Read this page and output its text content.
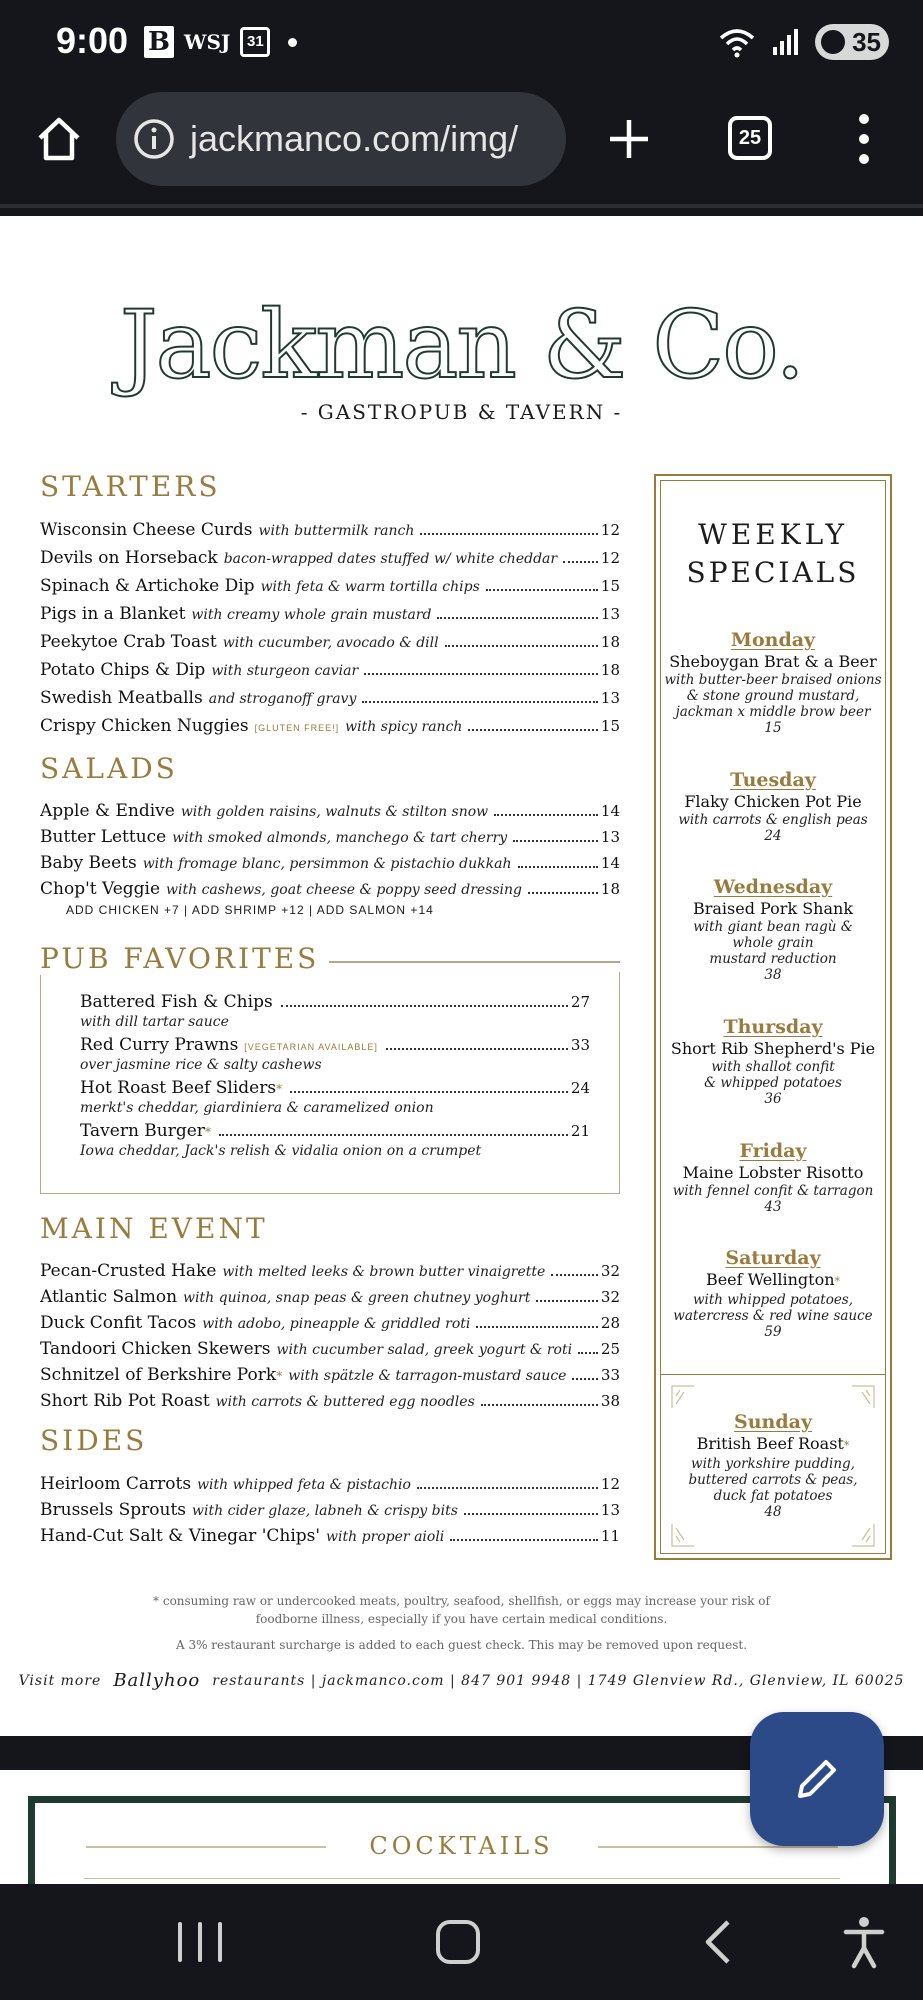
9:00 B WSJ	31	35
jackmanco.com/img/	25
Jackman & Co.
- GASTROPUB & TAVERN -
STARTERS
Wisconsin Cheese Curds with buttermilk ranch	12
Devils on Horseback bacon-wrapped dates stuffed w/ white cheddar	12
Spinach & Artichoke Dip with feta & warm tortilla chips	15
Pigs in a Blanket with creamy whole grain mustard	13
Peekytoe Crab Toast with cucumber, avocado & dill	18
Potato Chips & Dip with sturgeon caviar	18
Swedish Meatballs and stroganoff gravy	13
Crispy Chicken Nuggies [GLUTEN FREE!] with spicy ranch	15
SALADS
Apple & Endive with golden raisins, walnuts & stilton snow	14
Butter Lettuce with smoked almonds, manchego & tart cherry	13
Baby Beets with fromage blanc, persimmon & pistachio dukkah	14
Chop't Veggie with cashews, goat cheese & poppy seed dressing	18
ADD CHICKEN +7 | ADD SHRIMP +12 | ADD SALMON +14
PUB FAVORITES
Battered Fish & Chips	27
with dill tartar sauce
Red Curry Prawns [VEGETARIAN AVAILABLE]	33
over jasmine rice & salty cashews
Hot Roast Beef Sliders *	24
merkt's cheddar, giardiniera & caramelized onion
Tavern Burger *	21
Iowa cheddar, Jack's relish & vidalia onion on a crumpet
MAIN EVENT
Pecan-Crusted Hake with melted leeks & brown butter vinaigrette	32
Atlantic Salmon with quinoa, snap peas & green chutney yoghurt	32
Duck Confit Tacos with adobo, pineapple & griddled roti	28
Tandoori Chicken Skewers with cucumber salad, greek yogurt & roti 25
Schnitzel of Berkshire Pork * with spätzle & tarragon-mustard sauce 33
Short Rib Pot Roast with carrots & buttered egg noodles	38
SIDES
Heirloom Carrots with whipped feta & pistachio	12
Brussels Sprouts with cider glaze, labneh & crispy bits	13
Hand-Cut Salt & Vinegar 'Chips' with proper aioli	11
WEEKLY
SPECIALS
Monday
Sheboygan Brat & a Beer
with butter-beer braised onions
& stone ground mustard,
jackman x middle brow beer
15
Tuesday
Flaky Chicken Pot Pie
with carrots & english peas
24
Wednesday
Braised Pork Shank
with giant bean ragù &
whole grain
mustard reduction
38
Thursday
Short Rib Shepherd's Pie
with shallot confit
& whipped potatoes
36
Friday
Maine Lobster Risotto
with fennel confit & tarragon
43
Saturday
Beef Wellington*
with whipped potatoes,
watercress & red wine sauce
59
Sunday
British Beef Roast*
with yorkshire pudding,
buttered carrots & peas,
duck fat potatoes
48
* consuming raw or undercooked meats, poultry, seafood, shellfish, or eggs may increase your risk of
foodborne illness, especially if you have certain medical conditions.
A 3% restaurant surcharge is added to each guest check. This may be removed upon request.
Visit more Ballyhoo restaurants | jackmanco.com | 847 901 9948 | 1749 Glenview Rd., Glenview, IL 60025
COCKTAILS
